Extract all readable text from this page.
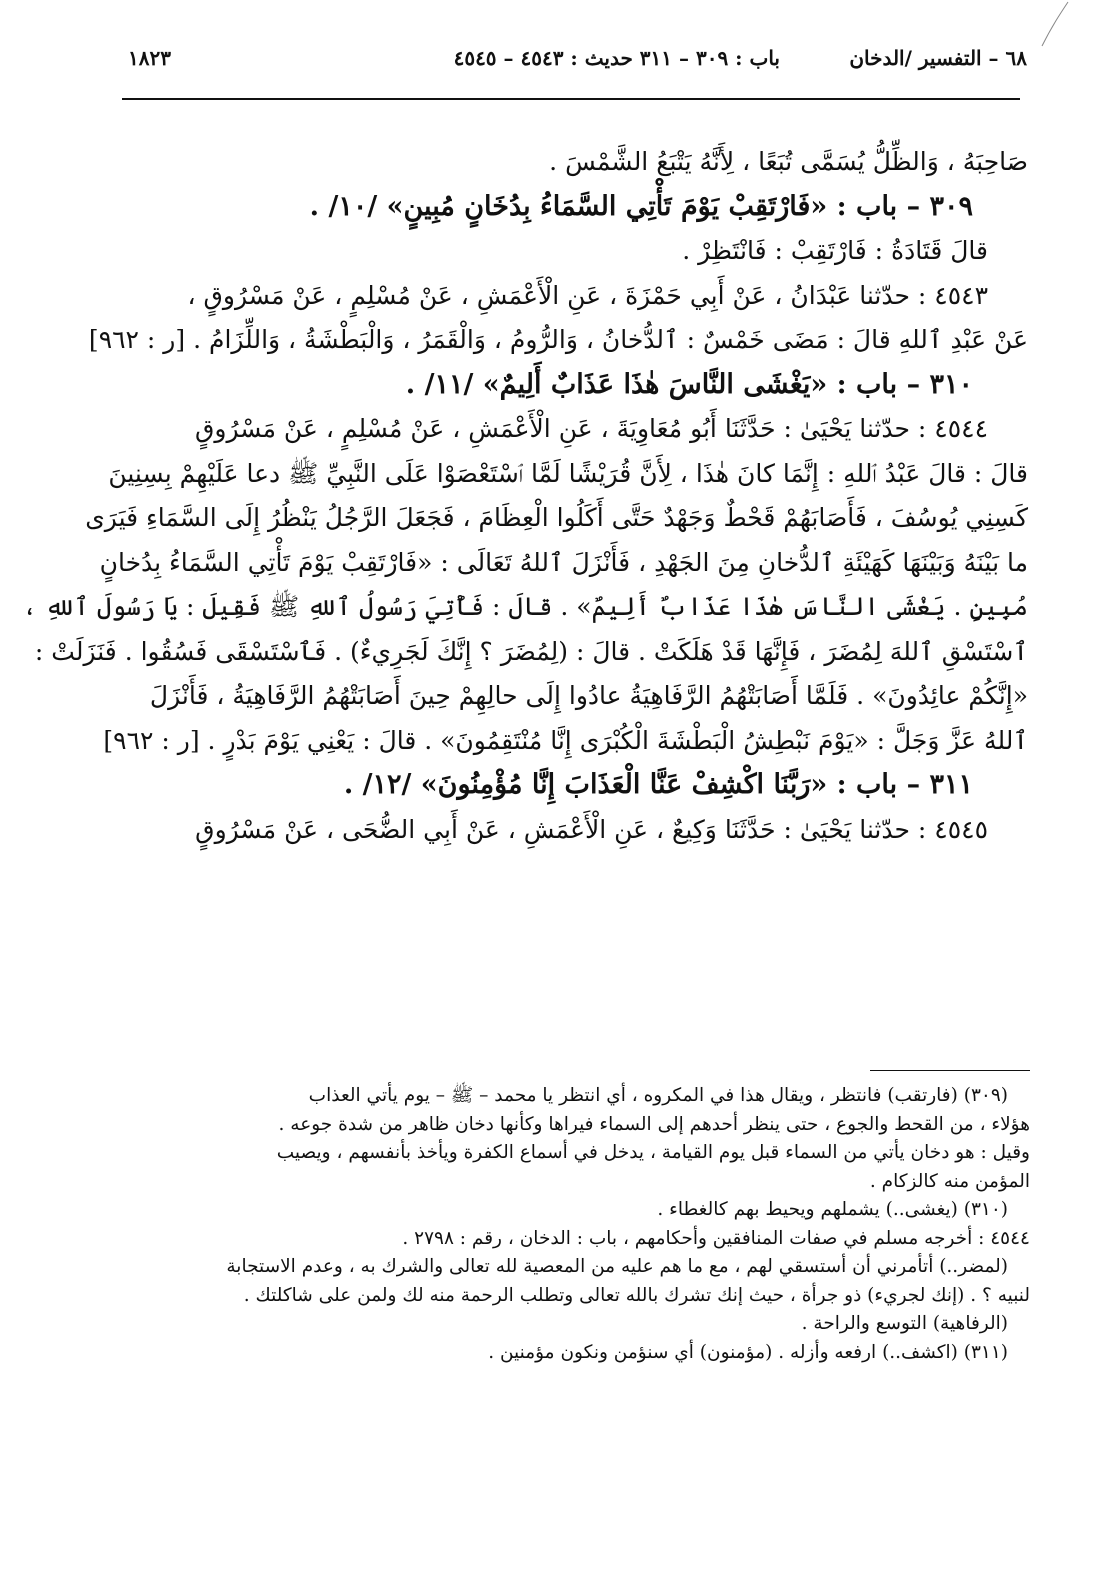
٦٨ – التفسير /الدخان
باب : ٣٠٩ – ٣١١ حديث : ٤٥٤٣ – ٤٥٤٥
١٨٢٣
صَاحِبَهُ ، وَالظِّلُّ يُسَمَّى تُبَعًا ، لِأَنَّهُ يَتْبَعُ الشَّمْسَ .
٣٠٩ – باب : «فَارْتَقِبْ يَوْمَ تَأْتِي السَّمَاءُ بِدُخَانٍ مُبِينٍ» /١٠/ .
قالَ قَتَادَةُ : فَارْتَقِبْ : فَانْتَظِرْ .
٤٥٤٣ : حدّثنا عَبْدَانُ ، عَنْ أَبِي حَمْزَةَ ، عَنِ الْأَعْمَشِ ، عَنْ مُسْلِمٍ ، عَنْ مَسْرُوقٍ ،
عَنْ عَبْدِ ٱللهِ قالَ : مَضَى خَمْسٌ : ٱلدُّخانُ ، وَالرُّومُ ، وَالْقَمَرُ ، وَالْبَطْشَةُ ، وَاللِّزَامُ . [ر : ٩٦٢]
٣١٠ – باب : «يَغْشَى النَّاسَ هٰذَا عَذَابٌ أَلِيمٌ» /١١/ .
٤٥٤٤ : حدّثنا يَحْيَىٰ : حَدَّثَنَا أَبُو مُعَاوِيَةَ ، عَنِ الْأَعْمَشِ ، عَنْ مُسْلِمٍ ، عَنْ مَسْرُوقٍ
قالَ : قالَ عَبْدُ ٱللهِ : إِنَّمَا كانَ هٰذَا ، لِأَنَّ قُرَيْشًا لَمَّا ٱسْتَعْصَوْا عَلَى النَّبِيِّ ﷺ دعا عَلَيْهِمْ بِسِنِينَ
كَسِنِي يُوسُفَ ، فَأَصَابَهُمْ قَحْطٌ وَجَهْدٌ حَتَّى أَكَلُوا الْعِظَامَ ، فَجَعَلَ الرَّجُلُ يَنْظُرُ إِلَى السَّمَاءِ فَيَرَى
ما بَيْنَهُ وَبَيْنَهَا كَهَيْئَةِ ٱلدُّخانِ مِنَ الجَهْدِ ، فَأَنْزَلَ ٱللهُ تَعَالَى : «فَارْتَقِبْ يَوْمَ تَأْتِي السَّمَاءُ بِدُخانٍ
مُبِينٍ . يَغْشَى النَّاسَ هٰذَا عَذَابٌ أَلِيمٌ» . قالَ : فَأُتِيَ رَسُولُ ٱللهِ ﷺ فَقِيلَ : يَا رَسُولَ ٱللهِ ،
ٱسْتَسْقِ ٱللهَ لِمُضَرَ ، فَإِنَّهَا قَدْ هَلَكَتْ . قالَ : (لِمُضَرَ ؟ إِنَّكَ لَجَرِيءٌ) . فَٱسْتَسْقَى فَسُقُوا . فَنَزَلَتْ :
«إِنَّكُمْ عائِدُونَ» . فَلَمَّا أَصَابَتْهُمُ الرَّفَاهِيَةُ عادُوا إِلَى حالِهِمْ حِينَ أَصَابَتْهُمُ الرَّفَاهِيَةُ ، فَأَنْزَلَ
ٱللهُ عَزَّ وَجَلَّ : «يَوْمَ نَبْطِشُ الْبَطْشَةَ الْكُبْرَى إِنَّا مُنْتَقِمُونَ» . قالَ : يَعْنِي يَوْمَ بَدْرٍ . [ر : ٩٦٢]
٣١١ – باب : «رَبَّنَا اكْشِفْ عَنَّا الْعَذَابَ إِنَّا مُؤْمِنُونَ» /١٢/ .
٤٥٤٥ : حدّثنا يَحْيَىٰ : حَدَّثَنَا وَكِيعٌ ، عَنِ الْأَعْمَشِ ، عَنْ أَبِي الضُّحَى ، عَنْ مَسْرُوقٍ
(٣٠٩) (فارتقب) فانتظر ، ويقال هذا في المكروه ، أي انتظر يا محمد – ﷺ – يوم يأتي العذاب
هؤلاء ، من القحط والجوع ، حتى ينظر أحدهم إلى السماء فيراها وكأنها دخان ظاهر من شدة جوعه .
وقيل : هو دخان يأتي من السماء قبل يوم القيامة ، يدخل في أسماع الكفرة ويأخذ بأنفسهم ، ويصيب
المؤمن منه كالزكام .
(٣١٠) (يغشى..) يشملهم ويحيط بهم كالغطاء .
٤٥٤٤ : أخرجه مسلم في صفات المنافقين وأحكامهم ، باب : الدخان ، رقم : ٢٧٩٨ .
(لمضر..) أتأمرني أن أستسقي لهم ، مع ما هم عليه من المعصية لله تعالى والشرك به ، وعدم الاستجابة
لنبيه ؟ . (إنك لجريء) ذو جرأة ، حيث إنك تشرك بالله تعالى وتطلب الرحمة منه لك ولمن على شاكلتك .
(الرفاهية) التوسع والراحة .
(٣١١) (اكشف..) ارفعه وأزله . (مؤمنون) أي سنؤمن ونكون مؤمنين .
